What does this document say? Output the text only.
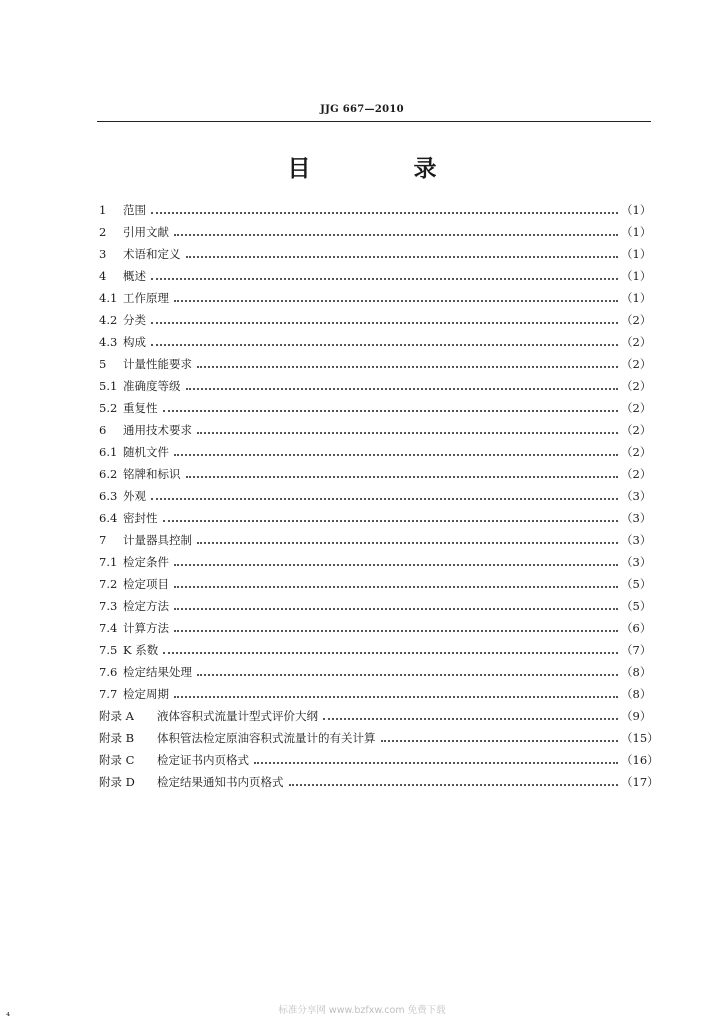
JJG 667—2010
目　录
1	范围	（1）
2	引用文献	（1）
3	术语和定义	（1）
4	概述	（1）
4.1 工作原理	（1）
4.2 分类	（2）
4.3 构成	（2）
5	计量性能要求	（2）
5.1 准确度等级	（2）
5.2 重复性	（2）
6	通用技术要求	（2）
6.1 随机文件	（2）
6.2 铭牌和标识	（2）
6.3 外观	（3）
6.4 密封性	（3）
7	计量器具控制	（3）
7.1 检定条件	（3）
7.2 检定项目	（5）
7.3 检定方法	（5）
7.4 计算方法	（6）
7.5 K 系数	（7）
7.6 检定结果处理	（8）
7.7 检定周期	（8）
附录 A	液体容积式流量计型式评价大纲	（9）
附录 B	体积管法检定原油容积式流量计的有关计算	（15）
附录 C	检定证书内页格式	（16）
附录 D	检定结果通知书内页格式	（17）
标准分享网 www.bzfxw.com 免费下载
₄
